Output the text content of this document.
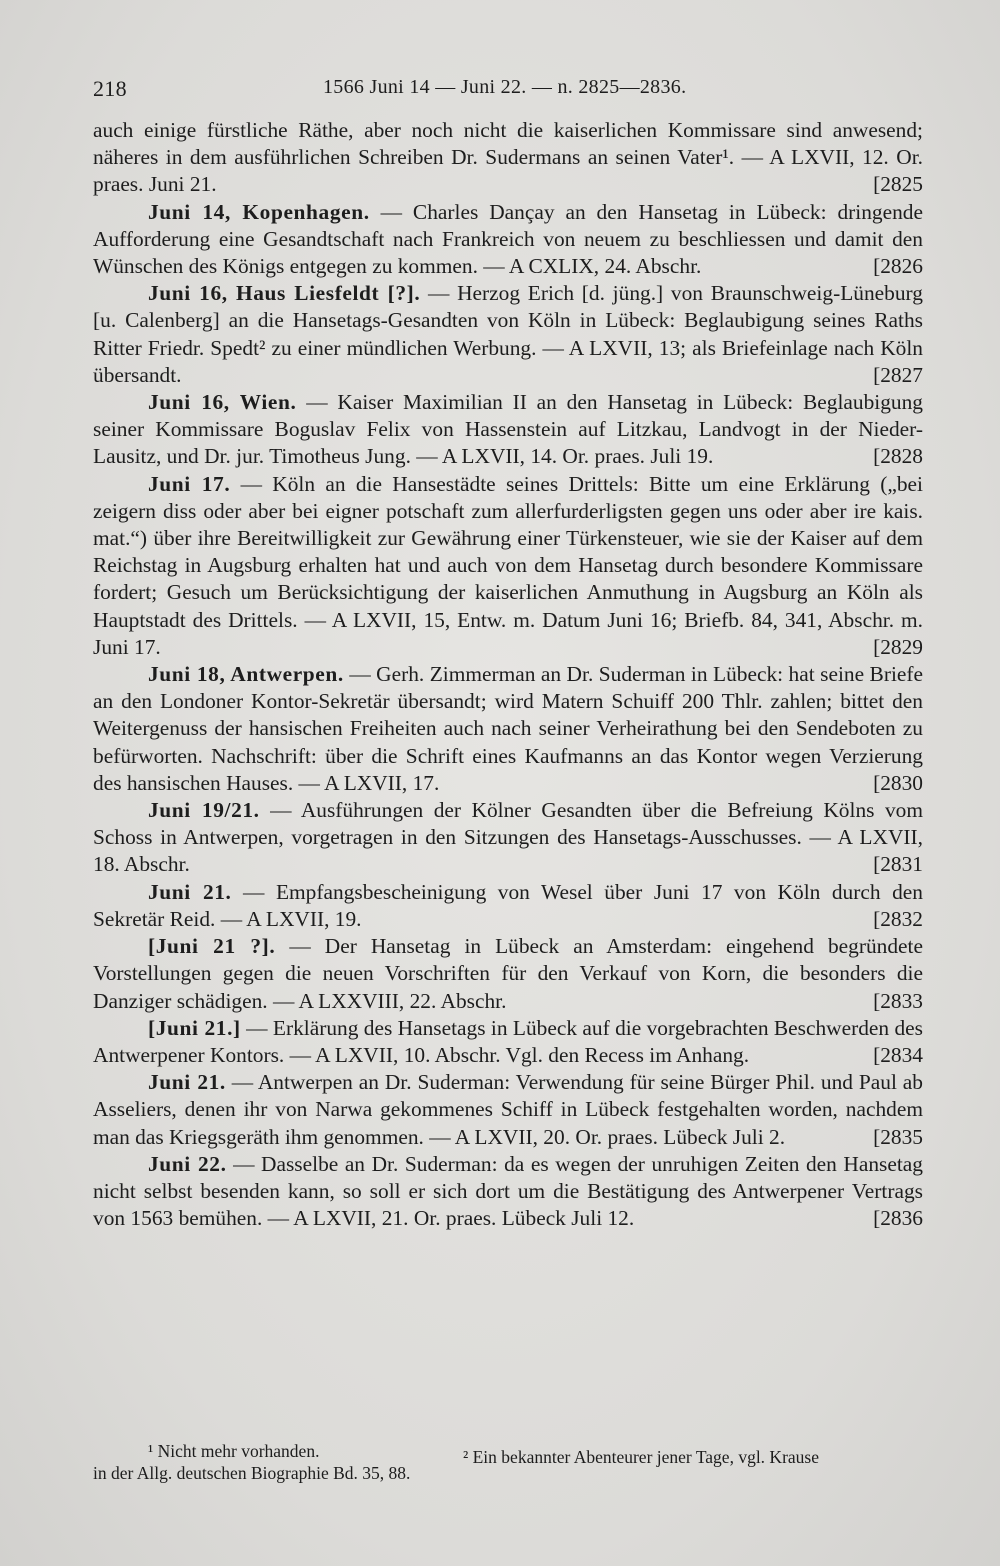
218	1566 Juni 14 — Juni 22. — n. 2825—2836.

auch einige fürstliche Räthe, aber noch nicht die kaiserlichen Kommissare sind anwesend; näheres in dem ausführlichen Schreiben Dr. Sudermans an seinen Vater¹. — A LXVII, 12. Or. praes. Juni 21.	[2825

Juni 14, Kopenhagen. — Charles Dançay an den Hansetag in Lübeck: dringende Aufforderung eine Gesandtschaft nach Frankreich von neuem zu beschliessen und damit den Wünschen des Königs entgegen zu kommen. — A CXLIX, 24. Abschr.	[2826

Juni 16, Haus Liesfeldt [?]. — Herzog Erich [d. jüng.] von Braunschweig-Lüneburg [u. Calenberg] an die Hansetags-Gesandten von Köln in Lübeck: Beglaubigung seines Raths Ritter Friedr. Spedt² zu einer mündlichen Werbung. — A LXVII, 13; als Briefeinlage nach Köln übersandt.	[2827

Juni 16, Wien. — Kaiser Maximilian II an den Hansetag in Lübeck: Beglaubigung seiner Kommissare Boguslav Felix von Hassenstein auf Litzkau, Landvogt in der Nieder-Lausitz, und Dr. jur. Timotheus Jung. — A LXVII, 14. Or. praes. Juli 19.	[2828

Juni 17. — Köln an die Hansestädte seines Drittels: Bitte um eine Erklärung („bei zeigern diss oder aber bei eigner potschaft zum allerfurderligsten gegen uns oder aber ire kais. mat.“) über ihre Bereitwilligkeit zur Gewährung einer Türkensteuer, wie sie der Kaiser auf dem Reichstag in Augsburg erhalten hat und auch von dem Hansetag durch besondere Kommissare fordert; Gesuch um Berücksichtigung der kaiserlichen Anmuthung in Augsburg an Köln als Hauptstadt des Drittels. — A LXVII, 15, Entw. m. Datum Juni 16; Briefb. 84, 341, Abschr. m. Juni 17.	[2829

Juni 18, Antwerpen. — Gerh. Zimmerman an Dr. Suderman in Lübeck: hat seine Briefe an den Londoner Kontor-Sekretär übersandt; wird Matern Schuiff 200 Thlr. zahlen; bittet den Weitergenuss der hansischen Freiheiten auch nach seiner Verheirathung bei den Sendeboten zu befürworten. Nachschrift: über die Schrift eines Kaufmanns an das Kontor wegen Verzierung des hansischen Hauses. — A LXVII, 17.	[2830

Juni 19/21. — Ausführungen der Kölner Gesandten über die Befreiung Kölns vom Schoss in Antwerpen, vorgetragen in den Sitzungen des Hansetags-Ausschusses. — A LXVII, 18. Abschr.	[2831

Juni 21. — Empfangsbescheinigung von Wesel über Juni 17 von Köln durch den Sekretär Reid. — A LXVII, 19.	[2832

[Juni 21 ?]. — Der Hansetag in Lübeck an Amsterdam: eingehend begründete Vorstellungen gegen die neuen Vorschriften für den Verkauf von Korn, die besonders die Danziger schädigen. — A LXXVIII, 22. Abschr.	[2833

[Juni 21.] — Erklärung des Hansetags in Lübeck auf die vorgebrachten Beschwerden des Antwerpener Kontors. — A LXVII, 10. Abschr. Vgl. den Recess im Anhang.	[2834

Juni 21. — Antwerpen an Dr. Suderman: Verwendung für seine Bürger Phil. und Paul ab Asseliers, denen ihr von Narwa gekommenes Schiff in Lübeck festgehalten worden, nachdem man das Kriegsgeräth ihm genommen. — A LXVII, 20. Or. praes. Lübeck Juli 2.	[2835

Juni 22. — Dasselbe an Dr. Suderman: da es wegen der unruhigen Zeiten den Hansetag nicht selbst besenden kann, so soll er sich dort um die Bestätigung des Antwerpener Vertrags von 1563 bemühen. — A LXVII, 21. Or. praes. Lübeck Juli 12.	[2836

¹ Nicht mehr vorhanden.	² Ein bekannter Abenteurer jener Tage, vgl. Krause
in der Allg. deutschen Biographie Bd. 35, 88.
